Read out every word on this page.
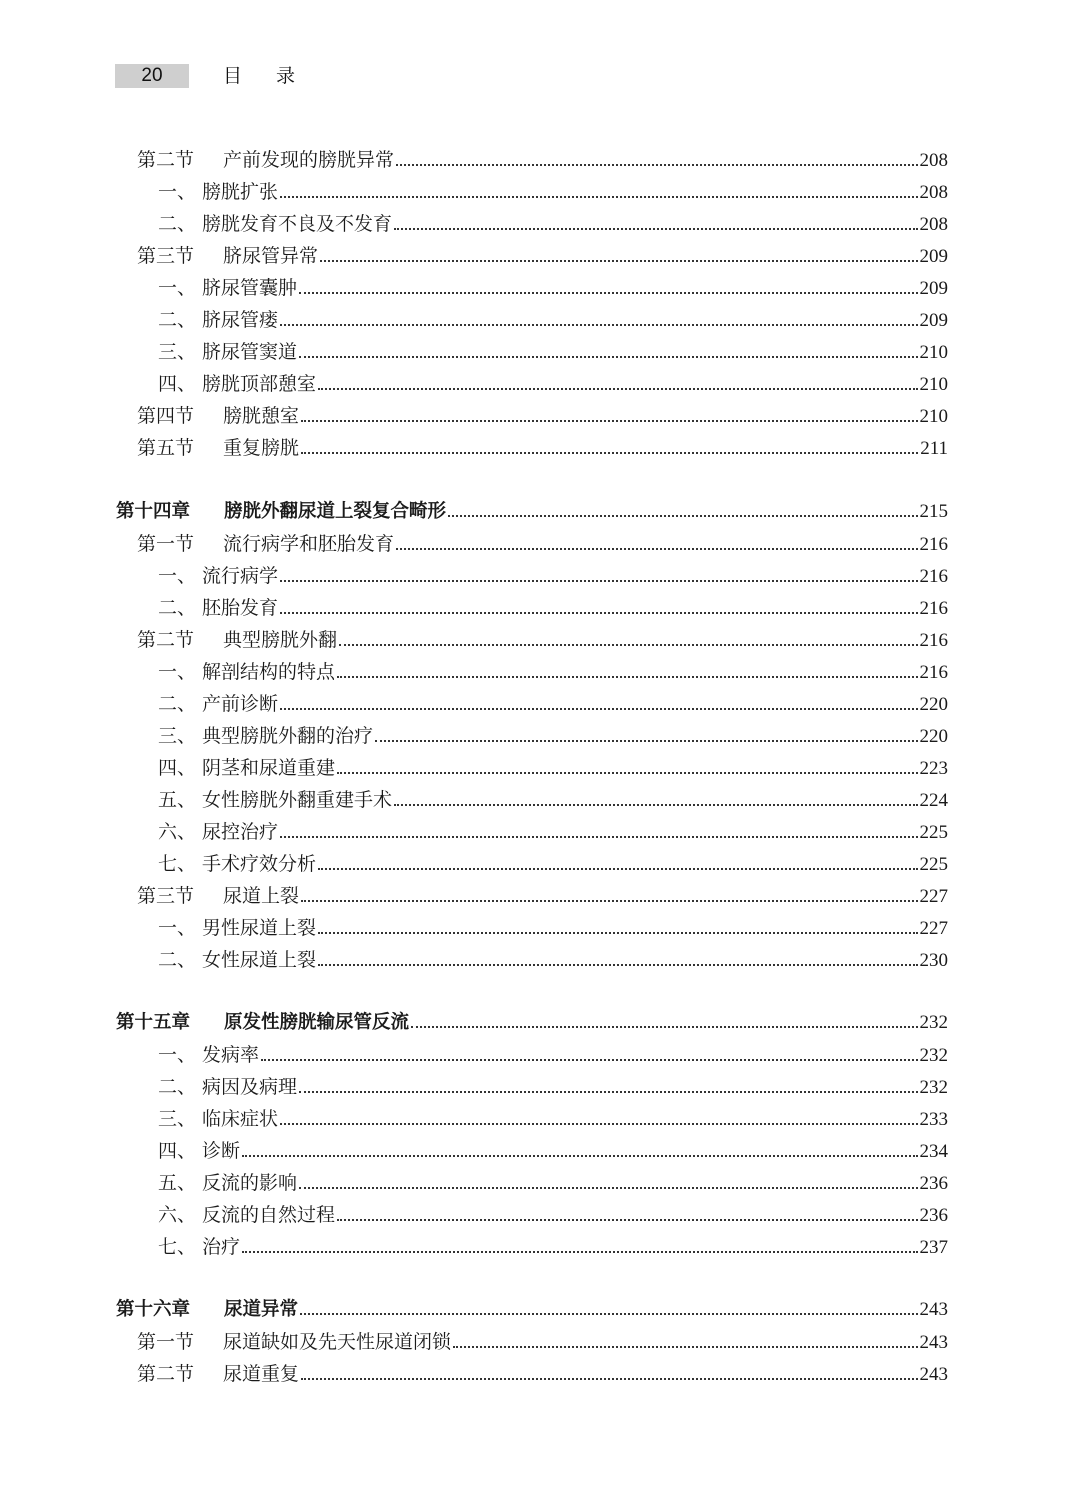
20	目录
第二节	产前发现的膀胱异常	208
一、 膀胱扩张	208
二、 膀胱发育不良及不发育	208
第三节	脐尿管异常	209
一、 脐尿管囊肿	209
二、 脐尿管瘘	209
三、 脐尿管窦道	210
四、 膀胱顶部憩室	210
第四节	膀胱憩室	210
第五节	重复膀胱	211
第十四章	膀胱外翻尿道上裂复合畸形	215
第一节	流行病学和胚胎发育	216
一、 流行病学	216
二、 胚胎发育	216
第二节	典型膀胱外翻	216
一、 解剖结构的特点	216
二、 产前诊断	220
三、 典型膀胱外翻的治疗	220
四、 阴茎和尿道重建	223
五、 女性膀胱外翻重建手术	224
六、 尿控治疗	225
七、 手术疗效分析	225
第三节	尿道上裂	227
一、 男性尿道上裂	227
二、 女性尿道上裂	230
第十五章	原发性膀胱输尿管反流	232
一、 发病率	232
二、 病因及病理	232
三、 临床症状	233
四、 诊断	234
五、 反流的影响	236
六、 反流的自然过程	236
七、 治疗	237
第十六章	尿道异常	243
第一节	尿道缺如及先天性尿道闭锁	243
第二节	尿道重复	243
